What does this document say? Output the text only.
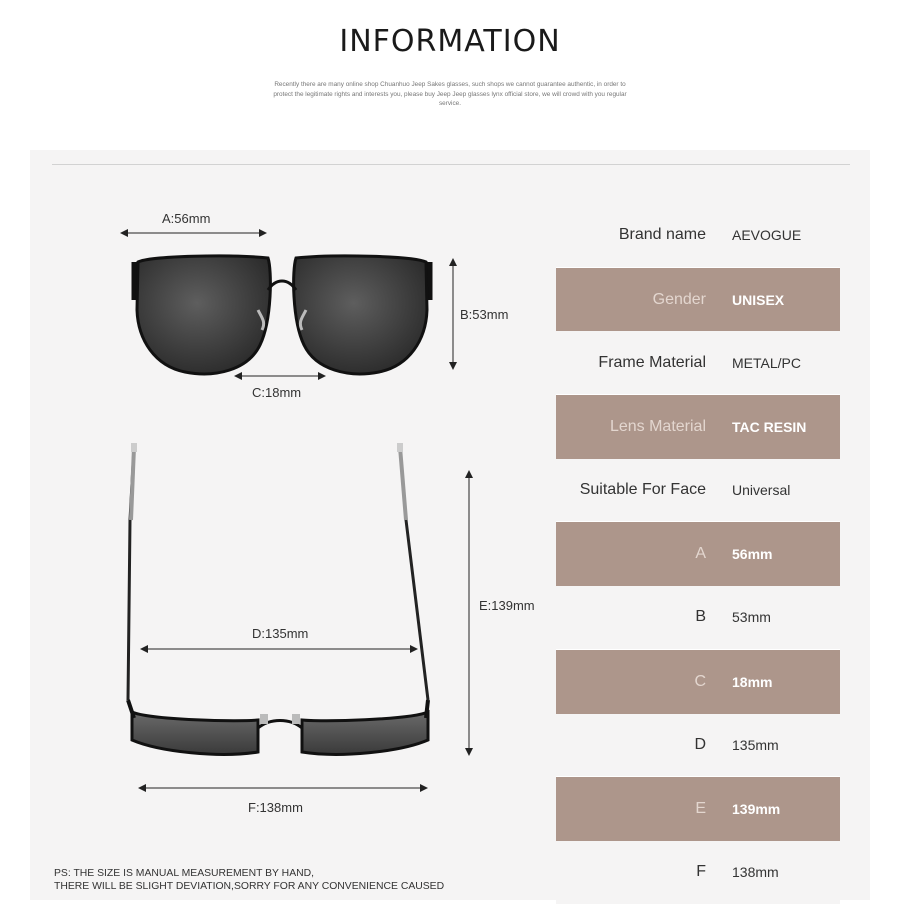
INFORMATION
Recently there are many online shop Chuanhuo Jeep Sakes glasses, such shops we cannot guarantee authentic, in order to protect the legitimate rights and interests you, please buy Jeep Jeep glasses lynx official store, we will crowd with you regular service.
A:56mm
B:53mm
C:18mm
D:135mm
E:139mm
F:138mm
Brand name AEVOGUE
Gender UNISEX
Frame Material METAL/PC
Lens Material TAC RESIN
Suitable For Face Universal
A 56mm
B 53mm
C 18mm
D 135mm
E 139mm
F 138mm
PS: THE SIZE IS MANUAL MEASUREMENT BY HAND,
THERE WILL BE SLIGHT DEVIATION,SORRY FOR ANY CONVENIENCE CAUSED
